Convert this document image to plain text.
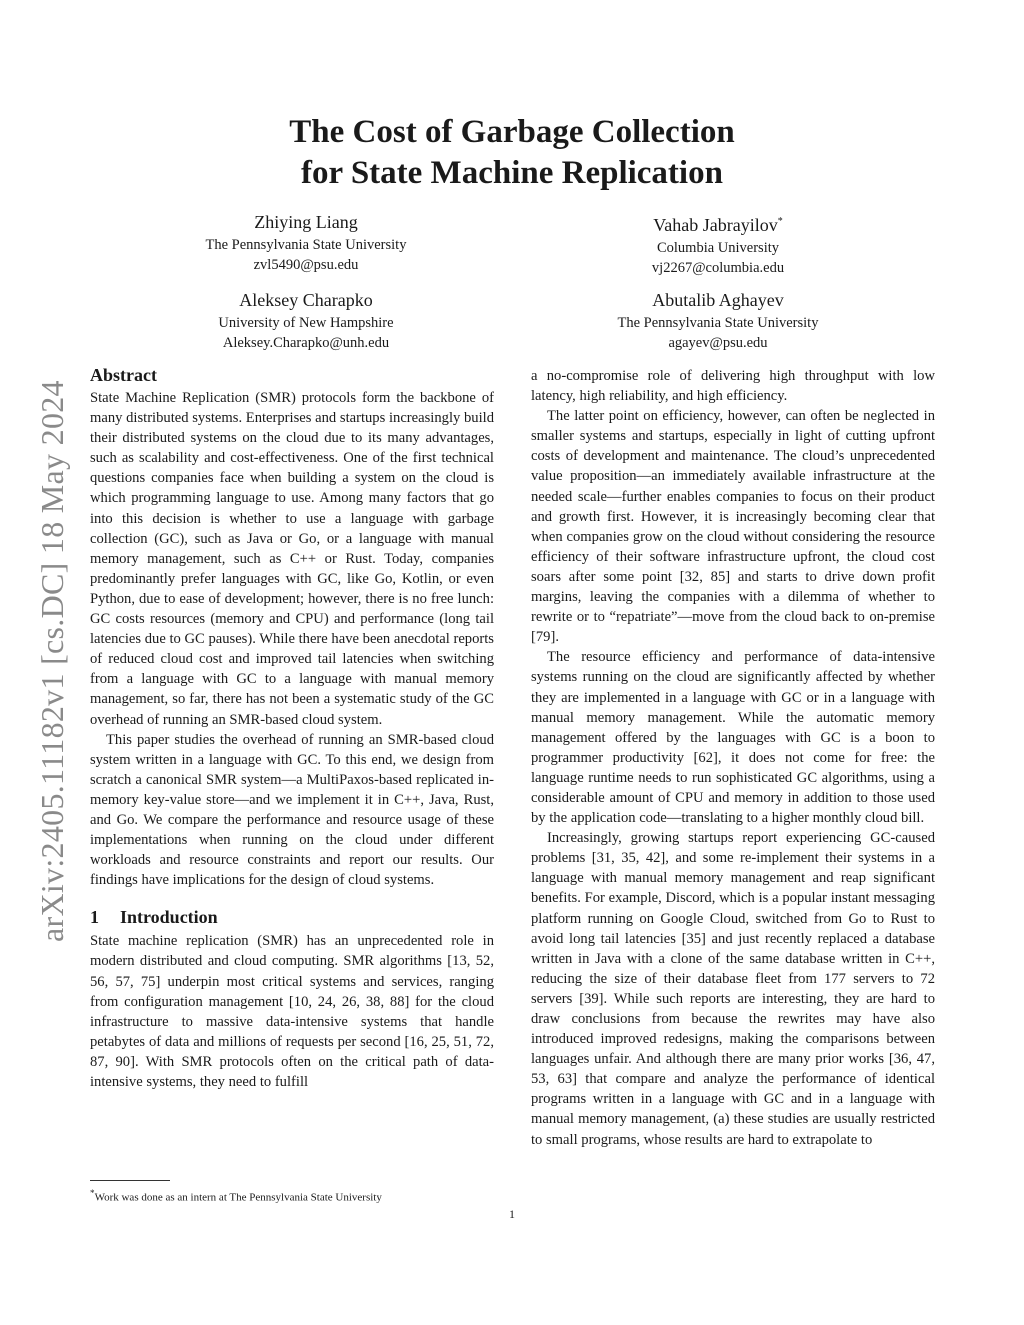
arXiv:2405.11182v1 [cs.DC] 18 May 2024
The Cost of Garbage Collection
for State Machine Replication
Zhiying Liang
The Pennsylvania State University
zvl5490@psu.edu
Vahab Jabrayilov*
Columbia University
vj2267@columbia.edu
Aleksey Charapko
University of New Hampshire
Aleksey.Charapko@unh.edu
Abutalib Aghayev
The Pennsylvania State University
agayev@psu.edu
Abstract

State Machine Replication (SMR) protocols form the backbone of many distributed systems. Enterprises and startups increasingly build their distributed systems on the cloud due to its many advantages, such as scalability and cost-effectiveness. One of the first technical questions companies face when building a system on the cloud is which programming language to use. Among many factors that go into this decision is whether to use a language with garbage collection (GC), such as Java or Go, or a language with manual memory management, such as C++ or Rust. Today, companies predominantly prefer languages with GC, like Go, Kotlin, or even Python, due to ease of development; however, there is no free lunch: GC costs resources (memory and CPU) and performance (long tail latencies due to GC pauses). While there have been anecdotal reports of reduced cloud cost and improved tail latencies when switching from a language with GC to a language with manual memory management, so far, there has not been a systematic study of the GC overhead of running an SMR-based cloud system.

This paper studies the overhead of running an SMR-based cloud system written in a language with GC. To this end, we design from scratch a canonical SMR system—a MultiPaxos-based replicated in-memory key-value store—and we implement it in C++, Java, Rust, and Go. We compare the performance and resource usage of these implementations when running on the cloud under different workloads and resource constraints and report our results. Our findings have implications for the design of cloud systems.

1 Introduction

State machine replication (SMR) has an unprecedented role in modern distributed and cloud computing. SMR algorithms [13, 52, 56, 57, 75] underpin most critical systems and services, ranging from configuration management [10, 24, 26, 38, 88] for the cloud infrastructure to massive data-intensive systems that handle petabytes of data and millions of requests per second [16, 25, 51, 72, 87, 90]. With SMR protocols often on the critical path of data-intensive systems, they need to fulfill

a no-compromise role of delivering high throughput with low latency, high reliability, and high efficiency.

The latter point on efficiency, however, can often be neglected in smaller systems and startups, especially in light of cutting upfront costs of development and maintenance. The cloud’s unprecedented value proposition—an immediately available infrastructure at the needed scale—further enables companies to focus on their product and growth first. However, it is increasingly becoming clear that when companies grow on the cloud without considering the resource efficiency of their software infrastructure upfront, the cloud cost soars after some point [32, 85] and starts to drive down profit margins, leaving the companies with a dilemma of whether to rewrite or to “repatriate”—move from the cloud back to on-premise [79].

The resource efficiency and performance of data-intensive systems running on the cloud are significantly affected by whether they are implemented in a language with GC or in a language with manual memory management. While the automatic memory management offered by the languages with GC is a boon to programmer productivity [62], it does not come for free: the language runtime needs to run sophisticated GC algorithms, using a considerable amount of CPU and memory in addition to those used by the application code—translating to a higher monthly cloud bill.

Increasingly, growing startups report experiencing GC-caused problems [31, 35, 42], and some re-implement their systems in a language with manual memory management and reap significant benefits. For example, Discord, which is a popular instant messaging platform running on Google Cloud, switched from Go to Rust to avoid long tail latencies [35] and just recently replaced a database written in Java with a clone of the same database written in C++, reducing the size of their database fleet from 177 servers to 72 servers [39]. While such reports are interesting, they are hard to draw conclusions from because the rewrites may have also introduced improved redesigns, making the comparisons between languages unfair. And although there are many prior works [36, 47, 53, 63] that compare and analyze the performance of identical programs written in a language with GC and in a language with manual memory management, (a) these studies are usually restricted to small programs, whose results are hard to extrapolate to

*Work was done as an intern at The Pennsylvania State University
1
